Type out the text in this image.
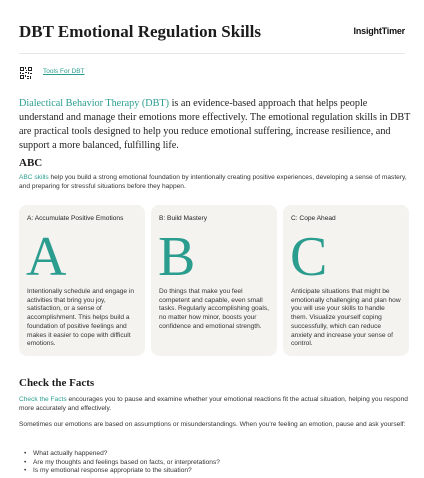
DBT Emotional Regulation Skills	InsightTimer
Tools For DBT
Dialectical Behavior Therapy (DBT) is an evidence-based approach that helps people understand and manage their emotions more effectively. The emotional regulation skills in DBT are practical tools designed to help you reduce emotional suffering, increase resilience, and support a more balanced, fulfilling life.
ABC
ABC skills help you build a strong emotional foundation by intentionally creating positive experiences, developing a sense of mastery, and preparing for stressful situations before they happen.
A: Accumulate Positive Emotions
A
Intentionally schedule and engage in activities that bring you joy, satisfaction, or a sense of accomplishment. This helps build a foundation of positive feelings and makes it easier to cope with difficult emotions.
B: Build Mastery
B
Do things that make you feel competent and capable, even small tasks. Regularly accomplishing goals, no matter how minor, boosts your confidence and emotional strength.
C: Cope Ahead
C
Anticipate situations that might be emotionally challenging and plan how you will use your skills to handle them. Visualize yourself coping successfully, which can reduce anxiety and increase your sense of control.
Check the Facts
Check the Facts encourages you to pause and examine whether your emotional reactions fit the actual situation, helping you respond more accurately and effectively.
Sometimes our emotions are based on assumptions or misunderstandings. When you're feeling an emotion, pause and ask yourself:
• What actually happened?
• Are my thoughts and feelings based on facts, or interpretations?
• Is my emotional response appropriate to the situation?
